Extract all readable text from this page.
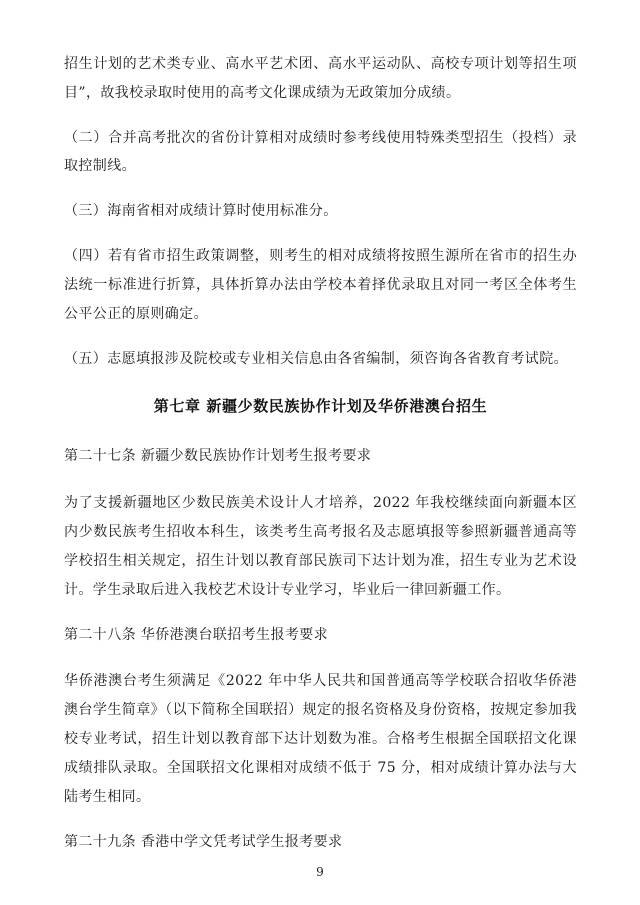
招生计划的艺术类专业、高水平艺术团、高水平运动队、高校专项计划等招生项目”，故我校录取时使用的高考文化课成绩为无政策加分成绩。

（二）合并高考批次的省份计算相对成绩时参考线使用特殊类型招生（投档）录取控制线。

（三）海南省相对成绩计算时使用标准分。

（四）若有省市招生政策调整，则考生的相对成绩将按照生源所在省市的招生办法统一标准进行折算，具体折算办法由学校本着择优录取且对同一考区全体考生公平公正的原则确定。

（五）志愿填报涉及院校或专业相关信息由各省编制，须咨询各省教育考试院。

第七章 新疆少数民族协作计划及华侨港澳台招生

第二十七条 新疆少数民族协作计划考生报考要求

为了支援新疆地区少数民族美术设计人才培养，2022 年我校继续面向新疆本区内少数民族考生招收本科生，该类考生高考报名及志愿填报等参照新疆普通高等学校招生相关规定，招生计划以教育部民族司下达计划为准，招生专业为艺术设计。学生录取后进入我校艺术设计专业学习，毕业后一律回新疆工作。

第二十八条 华侨港澳台联招考生报考要求

华侨港澳台考生须满足《2022 年中华人民共和国普通高等学校联合招收华侨港澳台学生简章》（以下简称全国联招）规定的报名资格及身份资格，按规定参加我校专业考试，招生计划以教育部下达计划数为准。合格考生根据全国联招文化课成绩排队录取。全国联招文化课相对成绩不低于 75 分，相对成绩计算办法与大陆考生相同。

第二十九条 香港中学文凭考试学生报考要求

9
